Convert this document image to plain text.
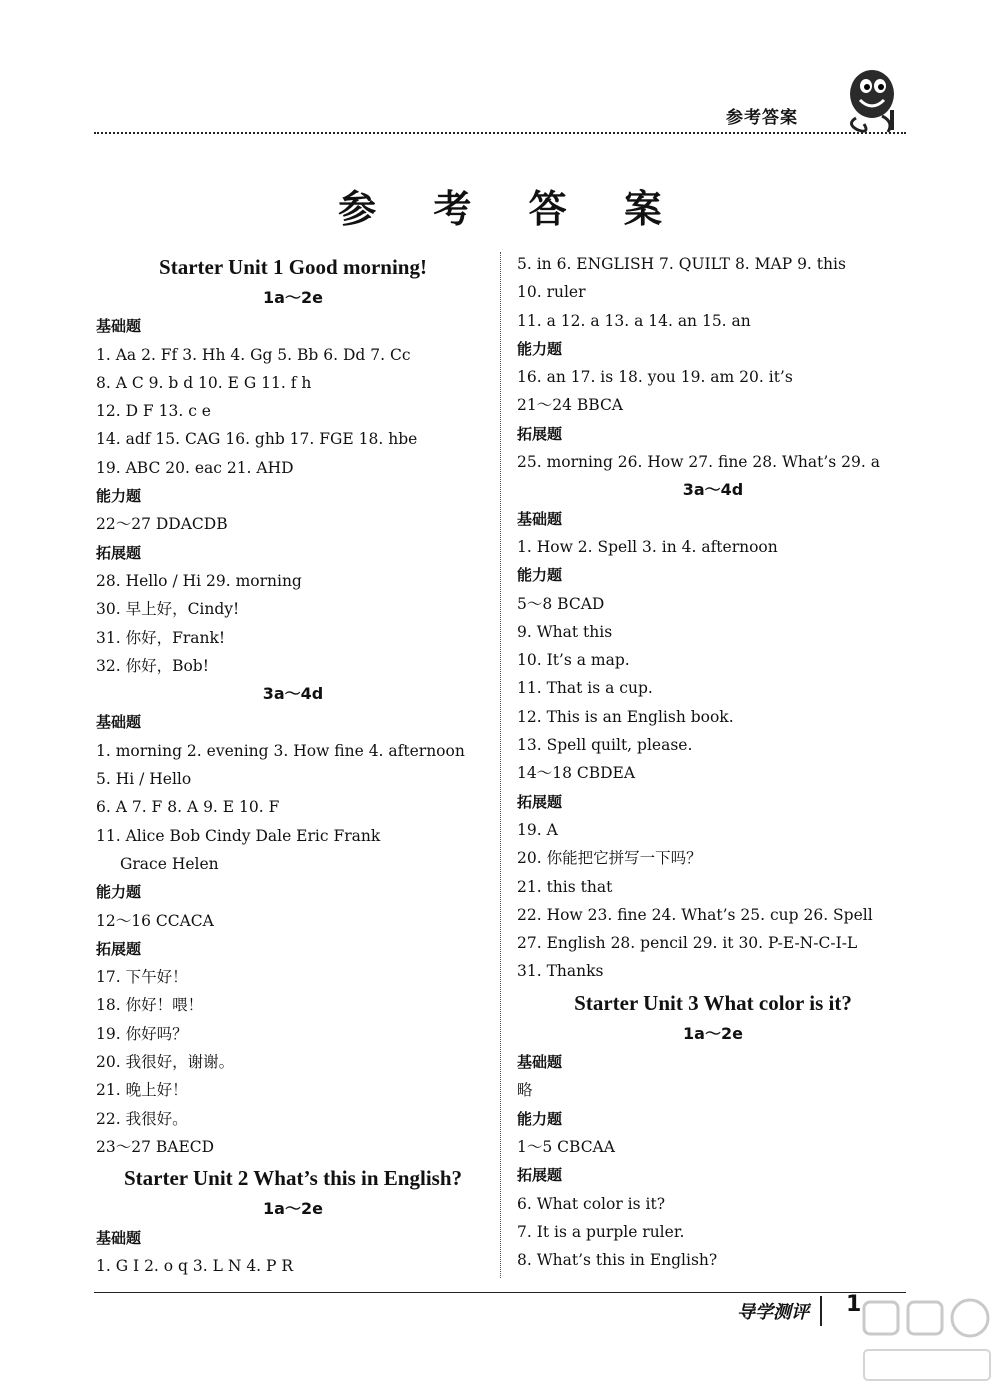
参考答案
参 考 答 案
Starter Unit 1 Good morning!
1a～2e
基础题
1. Aa 2. Ff 3. Hh 4. Gg 5. Bb 6. Dd 7. Cc
8. A C 9. b d 10. E G 11. f h
12. D F 13. c e
14. adf 15. CAG 16. ghb 17. FGE 18. hbe
19. ABC 20. eac 21. AHD
能力题
22～27 DDACDB
拓展题
28. Hello / Hi 29. morning
30. 早上好，Cindy!
31. 你好，Frank!
32. 你好，Bob!
3a～4d
基础题
1. morning 2. evening 3. How fine 4. afternoon
5. Hi / Hello
6. A 7. F 8. A 9. E 10. F
11. Alice Bob Cindy Dale Eric Frank
Grace Helen
能力题
12～16 CCACA
拓展题
17. 下午好！
18. 你好！喂！
19. 你好吗？
20. 我很好，谢谢。
21. 晚上好！
22. 我很好。
23～27 BAECD
Starter Unit 2 What’s this in English?
1a～2e
基础题
1. G I 2. o q 3. L N 4. P R
5. in 6. ENGLISH 7. QUILT 8. MAP 9. this
10. ruler
11. a 12. a 13. a 14. an 15. an
能力题
16. an 17. is 18. you 19. am 20. it’s
21～24 BBCA
拓展题
25. morning 26. How 27. fine 28. What’s 29. a
3a～4d
基础题
1. How 2. Spell 3. in 4. afternoon
能力题
5～8 BCAD
9. What this
10. It’s a map.
11. That is a cup.
12. This is an English book.
13. Spell quilt, please.
14～18 CBDEA
拓展题
19. A
20. 你能把它拼写一下吗？
21. this that
22. How 23. fine 24. What’s 25. cup 26. Spell
27. English 28. pencil 29. it 30. P-E-N-C-I-L
31. Thanks
Starter Unit 3 What color is it?
1a～2e
基础题
略
能力题
1～5 CBCAA
拓展题
6. What color is it?
7. It is a purple ruler.
8. What’s this in English?
导学测评 1
